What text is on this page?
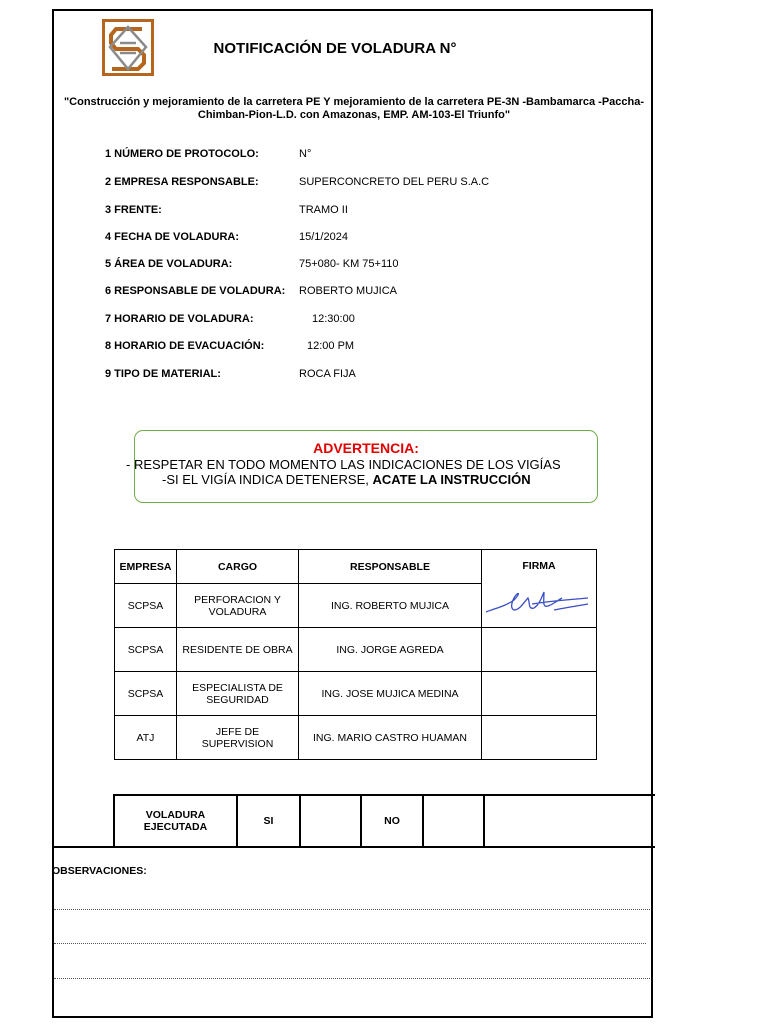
NOTIFICACIÓN DE VOLADURA N°
"Construcción y mejoramiento de la carretera PE Y mejoramiento de la carretera PE-3N -Bambamarca -Paccha-
Chimban-Pion-L.D. con Amazonas, EMP. AM-103-El Triunfo"
1 NÚMERO DE PROTOCOLO:	N°
2 EMPRESA RESPONSABLE:	SUPERCONCRETO DEL PERU S.A.C
3 FRENTE:	TRAMO II
4 FECHA DE VOLADURA:	15/1/2024
5 ÁREA DE VOLADURA:	75+080- KM 75+110
6 RESPONSABLE DE VOLADURA: ROBERTO MUJICA
7 HORARIO DE VOLADURA:	12:30:00
8 HORARIO DE EVACUACIÓN:	12:00 PM
9 TIPO DE MATERIAL:	ROCA FIJA
ADVERTENCIA:
- RESPETAR EN TODO MOMENTO LAS INDICACIONES DE LOS VIGÍAS
-SI EL VIGÍA INDICA DETENERSE, ACATE LA INSTRUCCIÓN
EMPRESA	CARGO	RESPONSABLE	FIRMA

SCPSA	PERFORACION Y VOLADURA	ING. ROBERTO MUJICA	
SCPSA	RESIDENTE DE OBRA	ING. JORGE AGREDA	
SCPSA	ESPECIALISTA DE SEGURIDAD	ING. JOSE MUJICA MEDINA	
ATJ	JEFE DE SUPERVISION	ING. MARIO CASTRO HUAMAN	
VOLADURA EJECUTADA	SI		NO		
OBSERVACIONES:
